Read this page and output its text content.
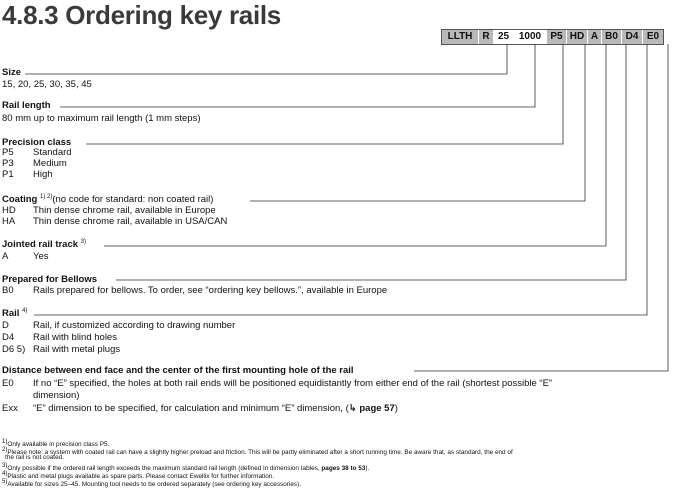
4.8.3 Ordering key rails
LLTH R 25 1000 P5 HD A B0 D4 E0
Size
15, 20, 25, 30, 35, 45
Rail length
80 mm up to maximum rail length (1 mm steps)
Precision class
P5 Standard
P3 Medium
P1 High
Coating $^{1) 2)}$(no code for standard: non coated rail)
HD Thin dense chrome rail, available in Europe
HA Thin dense chrome rail, available in USA/CAN
Jointed rail track $^{3)}$
A	Yes
Prepared for Bellows
B0 Rails prepared for bellows. To order, see “ordering key bellows.”, available in Europe
Rail $^{4)}$
D	Rail, if customized according to drawing number
D4 Rail with blind holes
D6 5) Rail with metal plugs
Distance between end face and the center of the first mounting hole of the rail
E0 If no “E” specified, the holes at both rail ends will be positioned equidistantly from either end of the rail (shortest possible “E”
dimension)
Exx “E” dimension to be specified, for calculation and minimum “E” dimension, (↳ page 57)
$^{1)}$Only available in precision class P5.
$^{2)}$Please note: a system with coated rail can have a slightly higher preload and friction. This will be partly eliminated after a short running time. Be aware that, as standard, the end of
the rail is not coated.
$^{3)}$Only possible if the ordered rail length exceeds the maximum standard rail length (defined in dimension tables, pages 38 to 53).
$^{4)}$Plastic and metal plugs available as spare parts. Please contact Ewellix for further information.
$^{5)}$Available for sizes 25–45. Mounting tool needs to be ordered separately (see ordering key accessories).
